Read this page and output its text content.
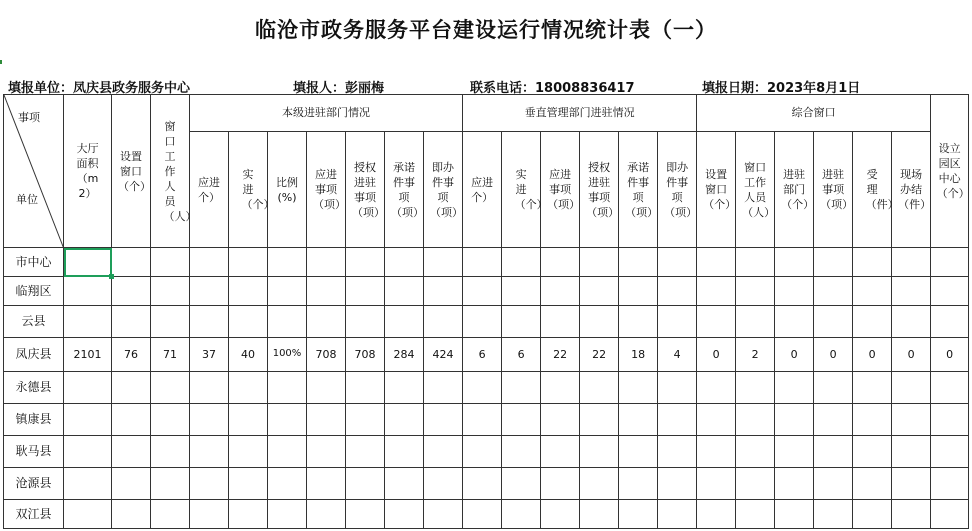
临沧市政务服务平台建设运行情况统计表（一）
填报单位：凤庆县政务服务中心	填报人：彭丽梅	联系电话：18008836417	填报日期：2023年8月1日
事项
单位	大厅面积（m2）	设置窗口（个）	窗口工作人员（人）	本级进驻部门情况							垂直管理部门进驻情况						综合窗口						设立园区中心（个）
				应进个）	实进（个）	比例(%)	应进事项（项）	授权进驻事项（项）	承诺件事项（项）	即办件事项（项）	应进个）	实进（个）	应进事项（项）	授权进驻事项（项）	承诺件事项（项）	即办件事项（项）	设置窗口（个）	窗口工作人员（人）	进驻部门（个）	进驻事项（项）	受理（件）	现场办结（件）	
市中心																							
临翔区																							
云县																							
凤庆县	2101	76	71	37	40	100%	708	708	284	424	6	6	22	22	18	4	0	2	0	0	0	0	0
永德县																							
镇康县																							
耿马县																							
沧源县																							
双江县																							
